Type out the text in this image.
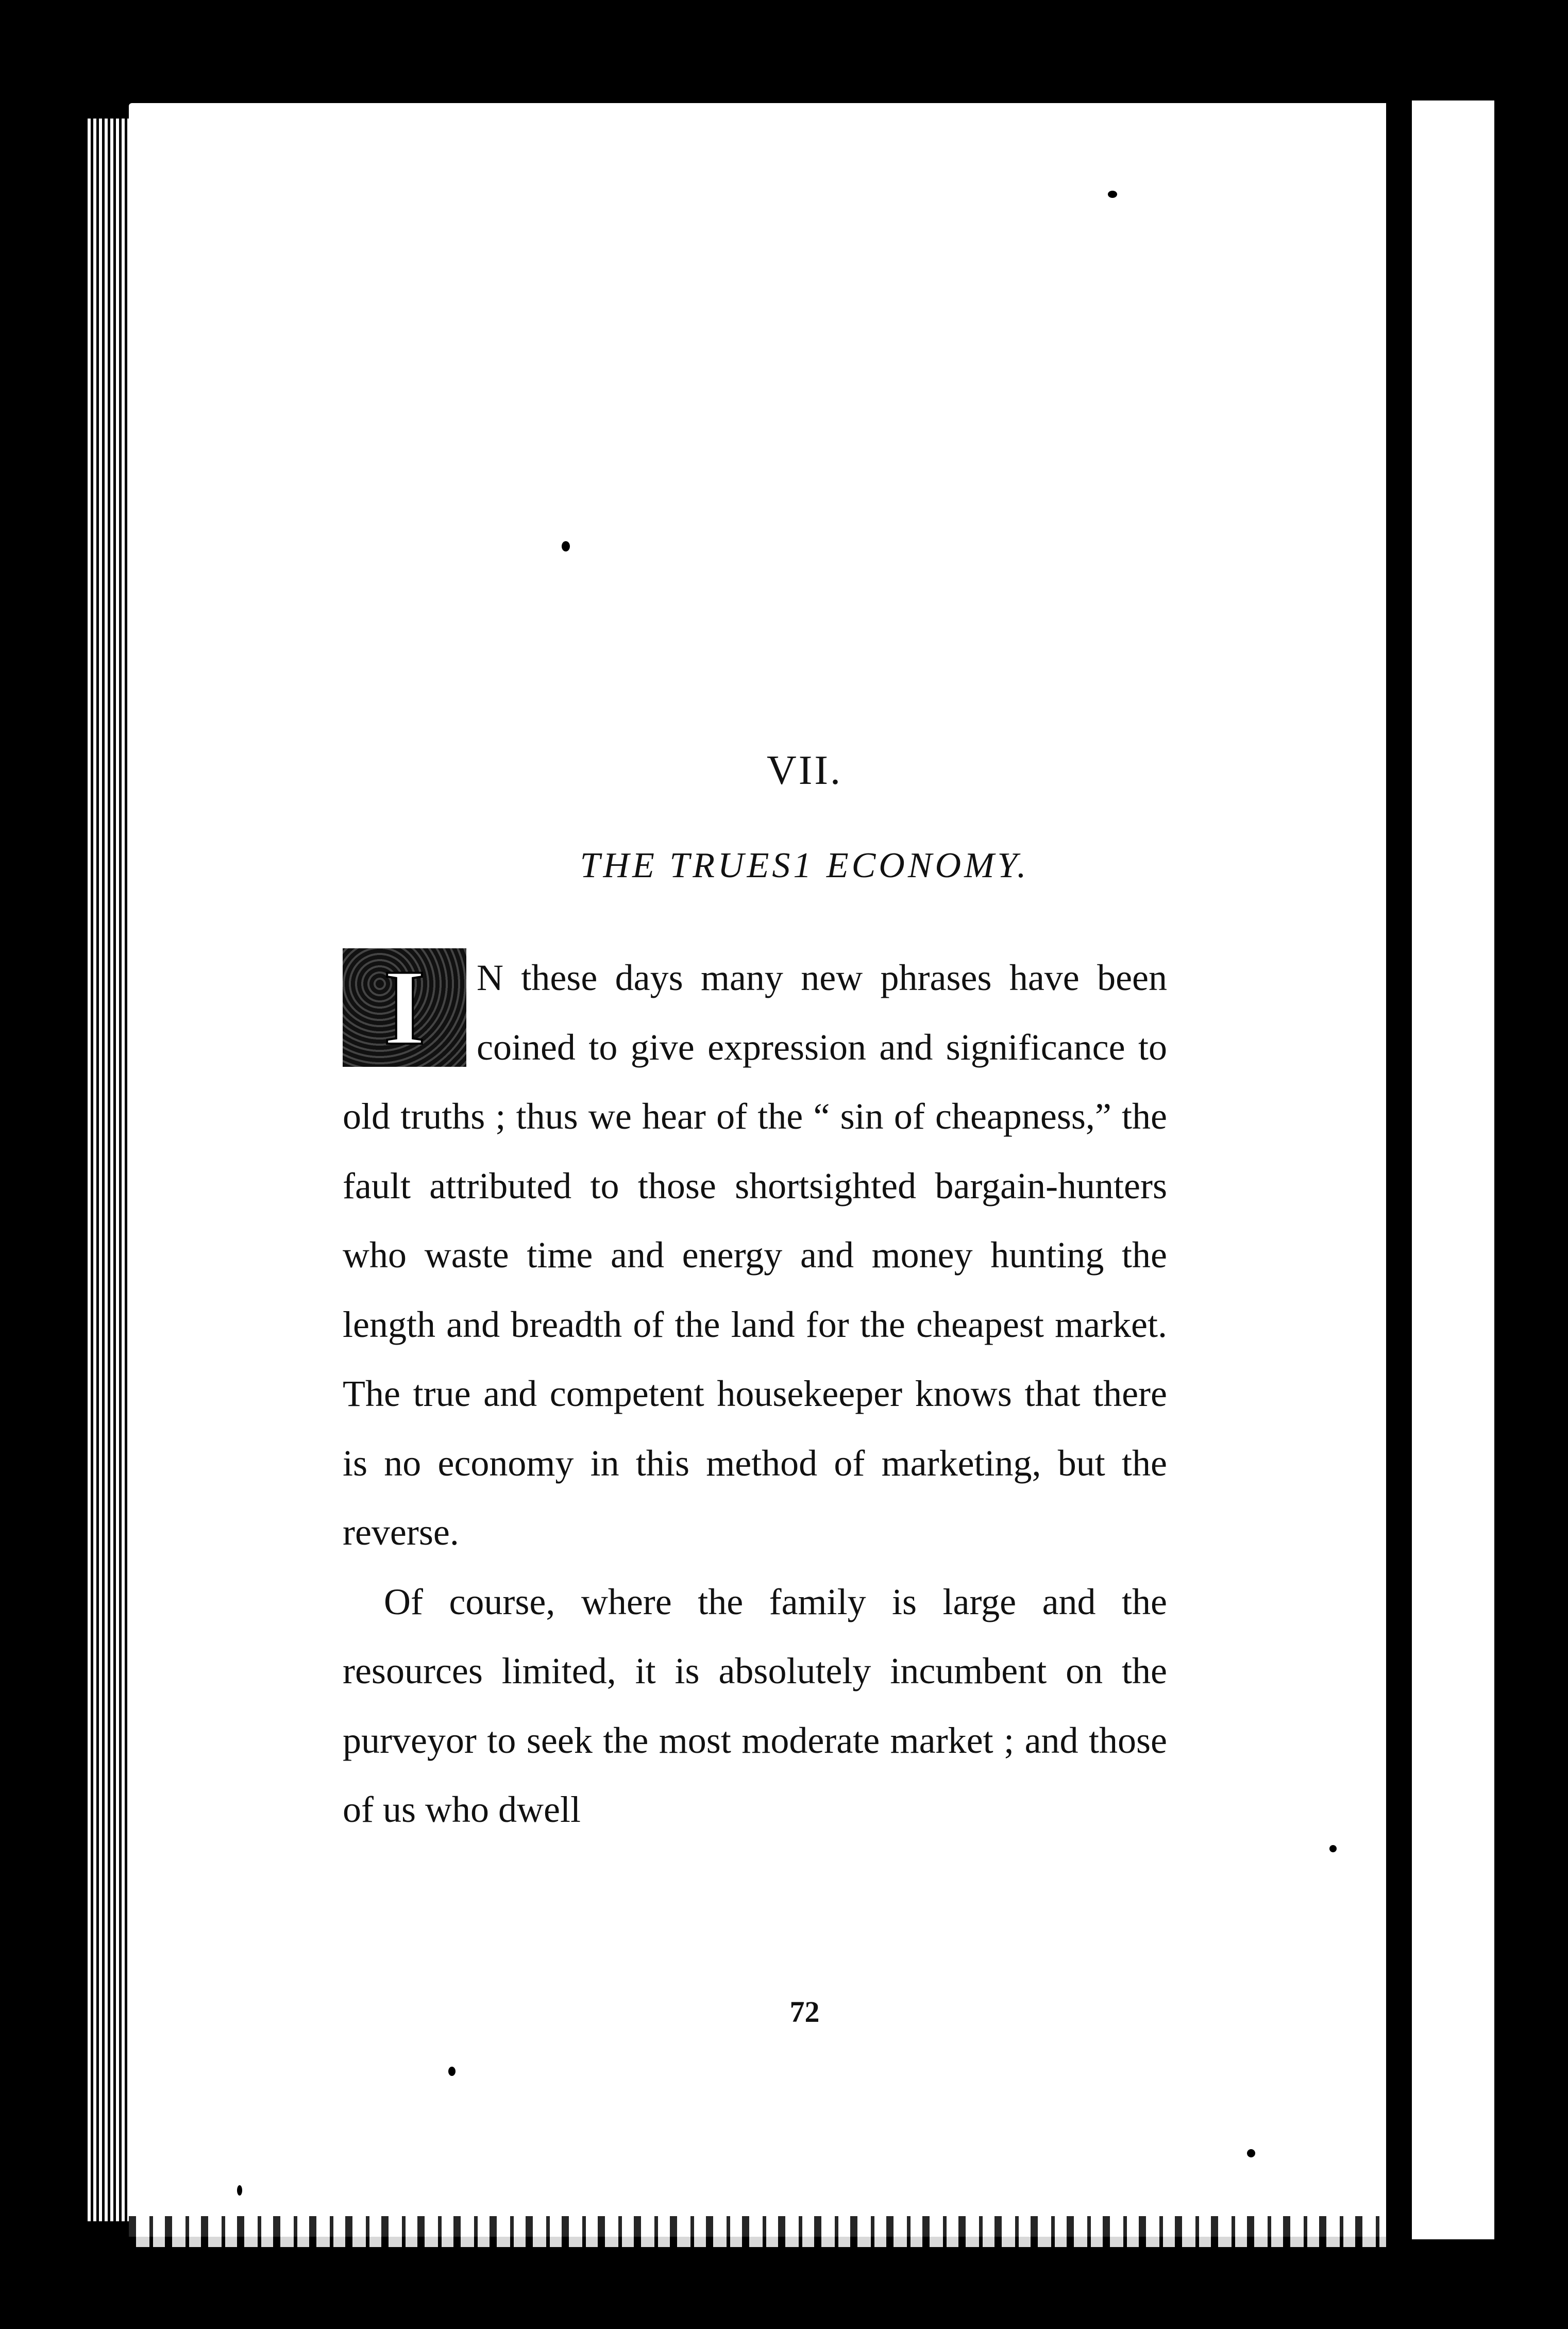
VII.
THE TRUES1 ECONOMY.

I	N these days many new phrases have been coined to give expression and significance to old truths ; thus we hear of the “ sin of cheapness,” the fault attributed to those shortsighted bargain-hunters who waste time and energy and money hunting the length and breadth of the land for the cheapest market. The true and competent housekeeper knows that there is no economy in this method of marketing, but the reverse.

Of course, where the family is large and the resources limited, it is absolutely incumbent on the purveyor to seek the most moderate market ; and those of us who dwell

72
